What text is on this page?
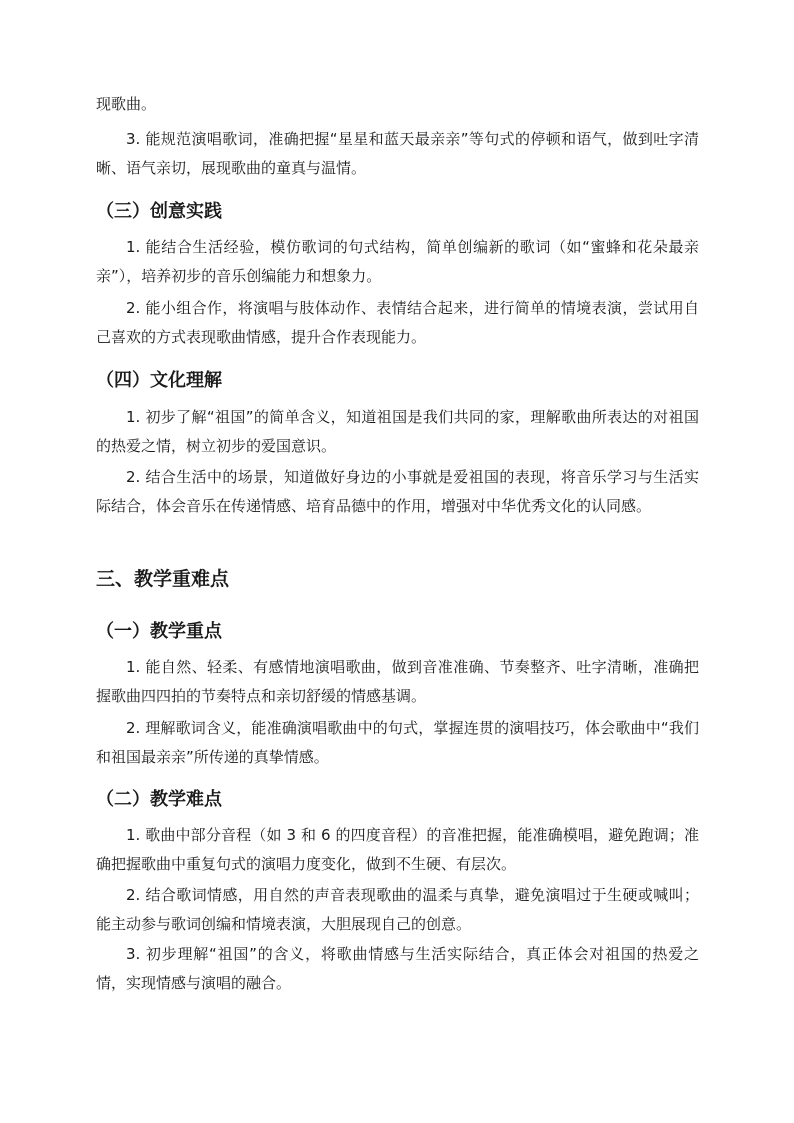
现歌曲。

3. 能规范演唱歌词，准确把握“星星和蓝天最亲亲”等句式的停顿和语气，做到吐字清晰、语气亲切，展现歌曲的童真与温情。

（三）创意实践

1. 能结合生活经验，模仿歌词的句式结构，简单创编新的歌词（如“蜜蜂和花朵最亲亲”），培养初步的音乐创编能力和想象力。

2. 能小组合作，将演唱与肢体动作、表情结合起来，进行简单的情境表演，尝试用自己喜欢的方式表现歌曲情感，提升合作表现能力。

（四）文化理解

1. 初步了解“祖国”的简单含义，知道祖国是我们共同的家，理解歌曲所表达的对祖国的热爱之情，树立初步的爱国意识。

2. 结合生活中的场景，知道做好身边的小事就是爱祖国的表现，将音乐学习与生活实际结合，体会音乐在传递情感、培育品德中的作用，增强对中华优秀文化的认同感。

三、教学重难点
（一）教学重点

1. 能自然、轻柔、有感情地演唱歌曲，做到音准准确、节奏整齐、吐字清晰，准确把握歌曲四四拍的节奏特点和亲切舒缓的情感基调。

2. 理解歌词含义，能准确演唱歌曲中的句式，掌握连贯的演唱技巧，体会歌曲中“我们和祖国最亲亲”所传递的真挚情感。

（二）教学难点

1. 歌曲中部分音程（如 3 和 6 的四度音程）的音准把握，能准确模唱，避免跑调；准确把握歌曲中重复句式的演唱力度变化，做到不生硬、有层次。

2. 结合歌词情感，用自然的声音表现歌曲的温柔与真挚，避免演唱过于生硬或喊叫；能主动参与歌词创编和情境表演，大胆展现自己的创意。

3. 初步理解“祖国”的含义，将歌曲情感与生活实际结合，真正体会对祖国的热爱之情，实现情感与演唱的融合。
